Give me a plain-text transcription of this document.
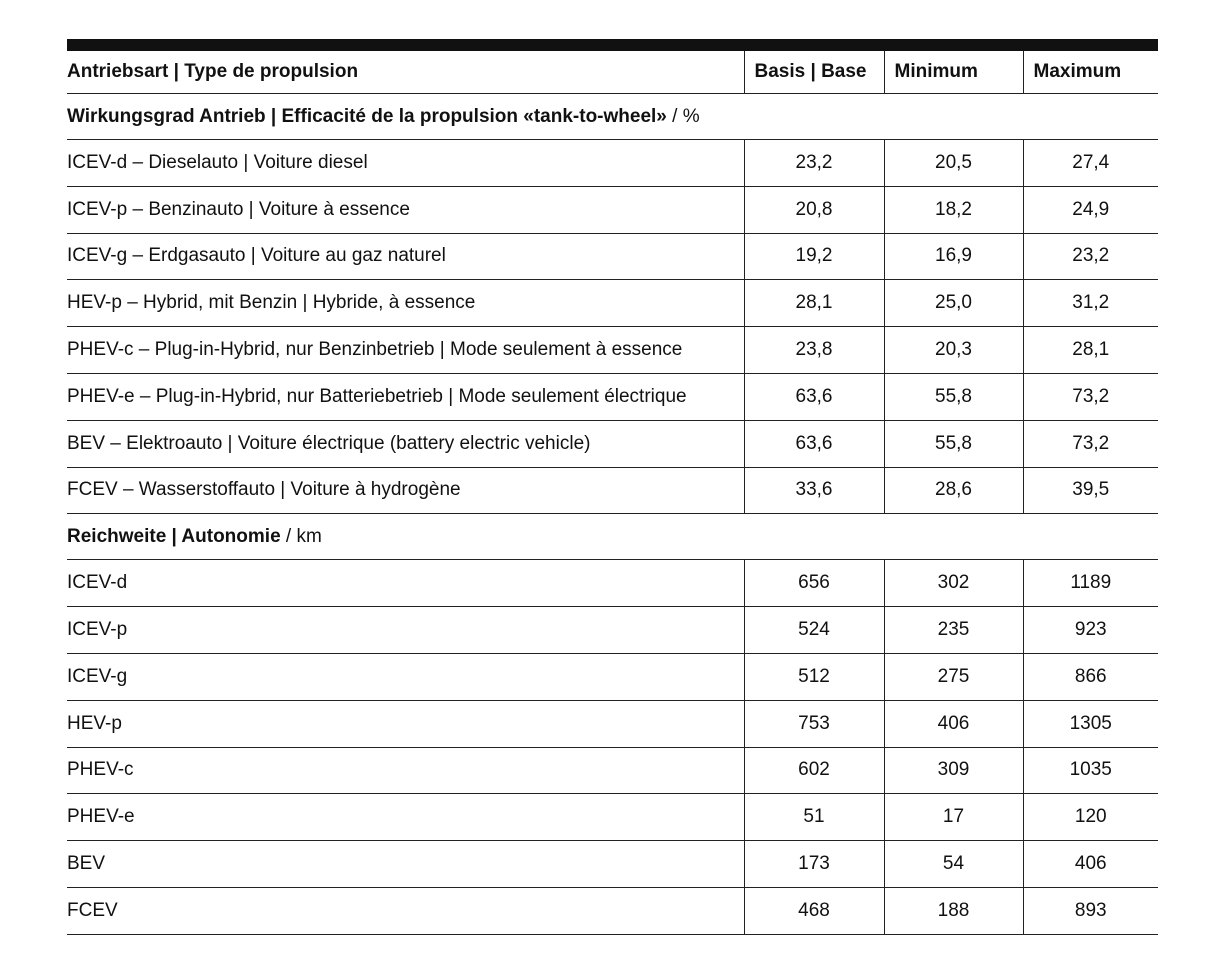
Antriebsart | Type de propulsion	Basis | Base	Minimum	Maximum
Wirkungsgrad Antrieb | Efficacité de la propulsion «tank-to-wheel» / %			
ICEV-d – Dieselauto | Voiture diesel	23,2	20,5	27,4
ICEV-p – Benzinauto | Voiture à essence	20,8	18,2	24,9
ICEV-g – Erdgasauto | Voiture au gaz naturel	19,2	16,9	23,2
HEV-p – Hybrid, mit Benzin | Hybride, à essence	28,1	25,0	31,2
PHEV-c – Plug-in-Hybrid, nur Benzinbetrieb | Mode seulement à essence	23,8	20,3	28,1
PHEV-e – Plug-in-Hybrid, nur Batteriebetrieb | Mode seulement électrique	63,6	55,8	73,2
BEV – Elektroauto | Voiture électrique (battery electric vehicle)	63,6	55,8	73,2
FCEV – Wasserstoffauto | Voiture à hydrogène	33,6	28,6	39,5
Reichweite | Autonomie / km			
ICEV-d	656	302	1189
ICEV-p	524	235	923
ICEV-g	512	275	866
HEV-p	753	406	1305
PHEV-c	602	309	1035
PHEV-e	51	17	120
BEV	173	54	406
FCEV	468	188	893
